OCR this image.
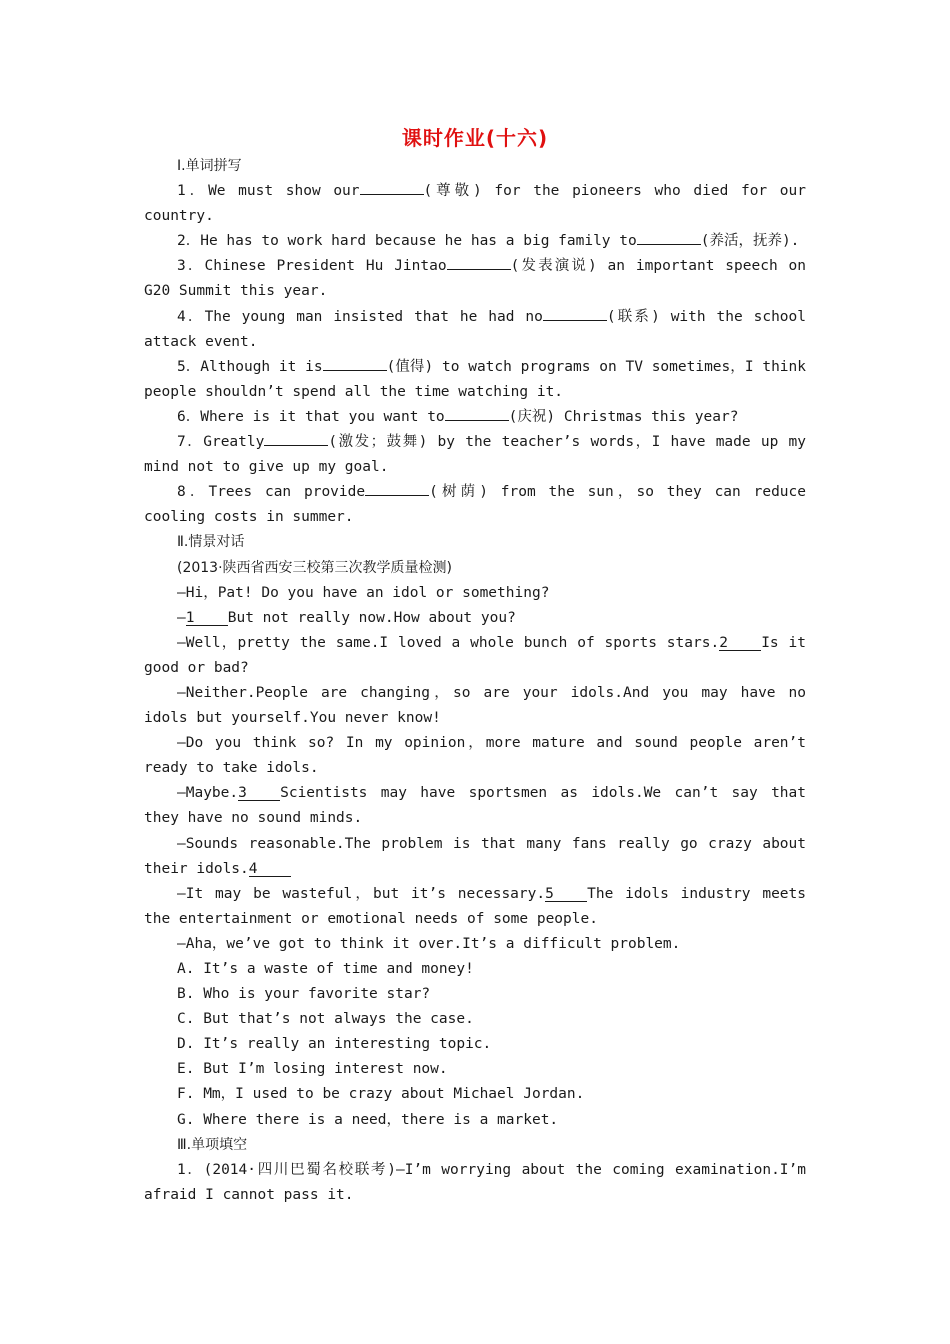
课时作业(十六)

Ⅰ.单词拼写

1．We must show our	(尊敬) for the pioneers who died for our country.

2．He has to work hard because he has a big family to	(养活，抚养).

3．Chinese President Hu Jintao	(发表演说) an important speech on G20 Summit this year.

4．The young man insisted that he had no	(联系) with the school attack event.

5．Although it is	(值得) to watch programs on TV sometimes，I think people shouldn’t spend all the time watching it.

6．Where is it that you want to	(庆祝) Christmas this year?

7．Greatly	(激发；鼓舞) by the teacher’s words，I have made up my mind not to give up my goal.

8．Trees can provide	(树荫) from the sun，so they can reduce cooling costs in summer.

Ⅱ.情景对话

(2013·陕西省西安三校第三次教学质量检测)

—Hi，Pat! Do you have an idol or something?

—1 But not really now.How about you?

—Well，pretty the same.I loved a whole bunch of sports stars.2 Is it good or bad?

—Neither.People are changing，so are your idols.And you may have no idols but yourself.You never know!

—Do you think so? In my opinion，more mature and sound people aren’t ready to take idols.

—Maybe.3 Scientists may have sportsmen as idols.We can’t say that they have no sound minds.

—Sounds reasonable.The problem is that many fans really go crazy about their idols.4

—It may be wasteful，but it’s necessary.5 The idols industry meets the entertainment or emotional needs of some people.

—Aha，we’ve got to think it over.It’s a difficult problem.

A. It’s a waste of time and money!

B. Who is your favorite star?

C. But that’s not always the case.

D. It’s really an interesting topic.

E. But I’m losing interest now.

F. Mm，I used to be crazy about Michael Jordan.

G. Where there is a need，there is a market.

Ⅲ.单项填空

1．(2014·四川巴蜀名校联考)—I’m worrying about the coming examination.I’m afraid I cannot pass it.
